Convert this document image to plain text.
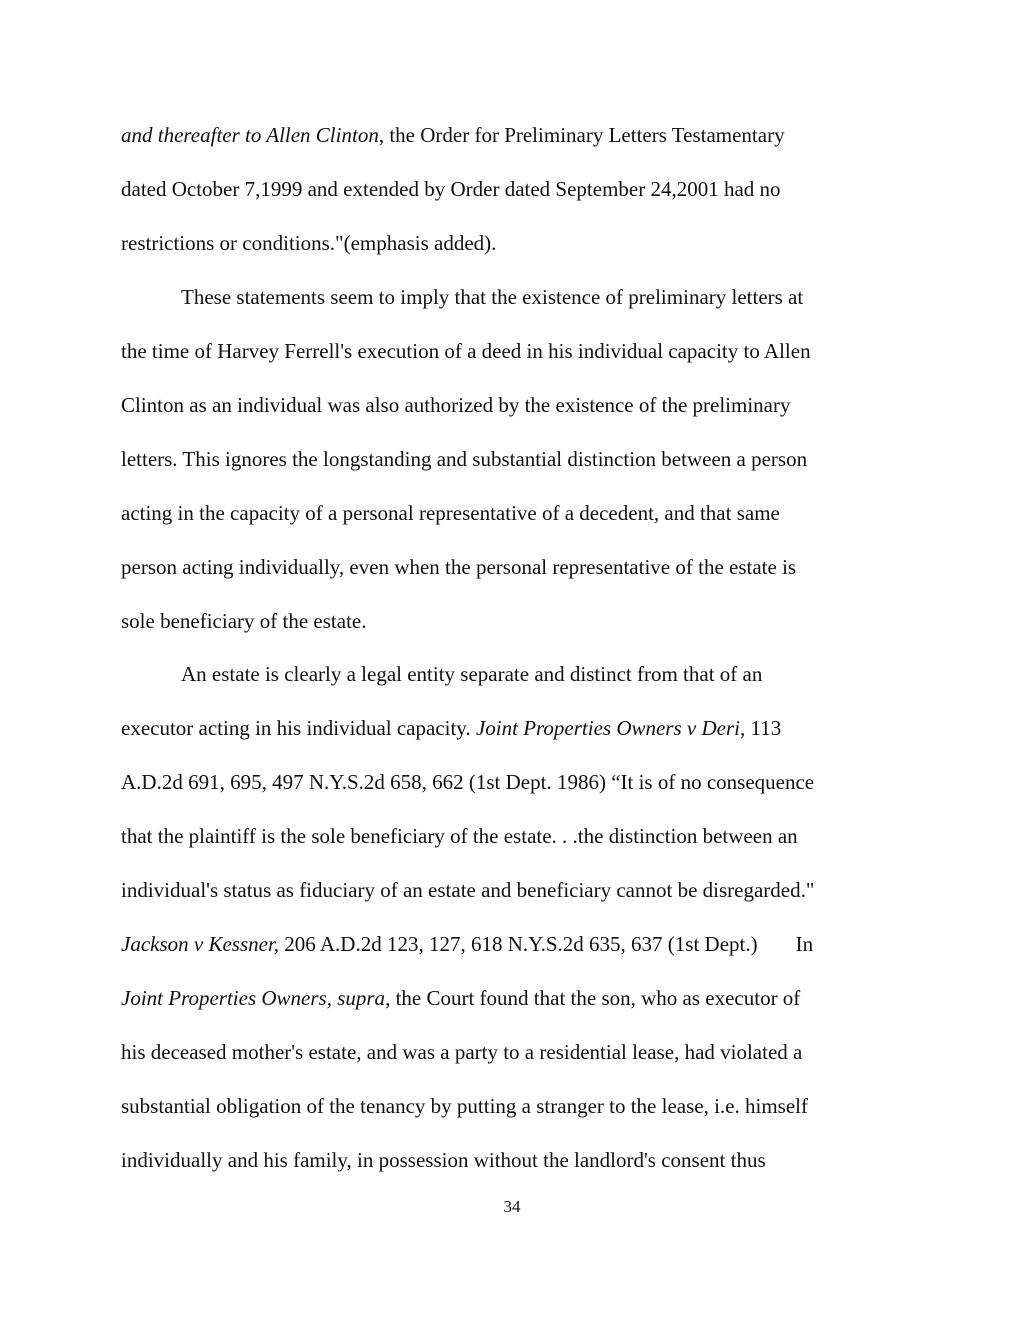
and thereafter to Allen Clinton, the Order for Preliminary Letters Testamentary
dated October 7,1999 and extended by Order dated September 24,2001 had no
restrictions or conditions."(emphasis added).
These statements seem to imply that the existence of preliminary letters at
the time of Harvey Ferrell's execution of a deed in his individual capacity to Allen
Clinton as an individual was also authorized by the existence of the preliminary
letters. This ignores the longstanding and substantial distinction between a person
acting in the capacity of a personal representative of a decedent, and that same
person acting individually, even when the personal representative of the estate is
sole beneficiary of the estate.
An estate is clearly a legal entity separate and distinct from that of an
executor acting in his individual capacity. Joint Properties Owners v Deri, 113
A.D.2d 691, 695, 497 N.Y.S.2d 658, 662 (1st Dept. 1986) “It is of no consequence
that the plaintiff is the sole beneficiary of the estate. . .the distinction between an
individual's status as fiduciary of an estate and beneficiary cannot be disregarded."
Jackson v Kessner, 206 A.D.2d 123, 127, 618 N.Y.S.2d 635, 637 (1st Dept.) In
Joint Properties Owners, supra, the Court found that the son, who as executor of
his deceased mother's estate, and was a party to a residential lease, had violated a
substantial obligation of the tenancy by putting a stranger to the lease, i.e. himself
individually and his family, in possession without the landlord's consent thus
34
